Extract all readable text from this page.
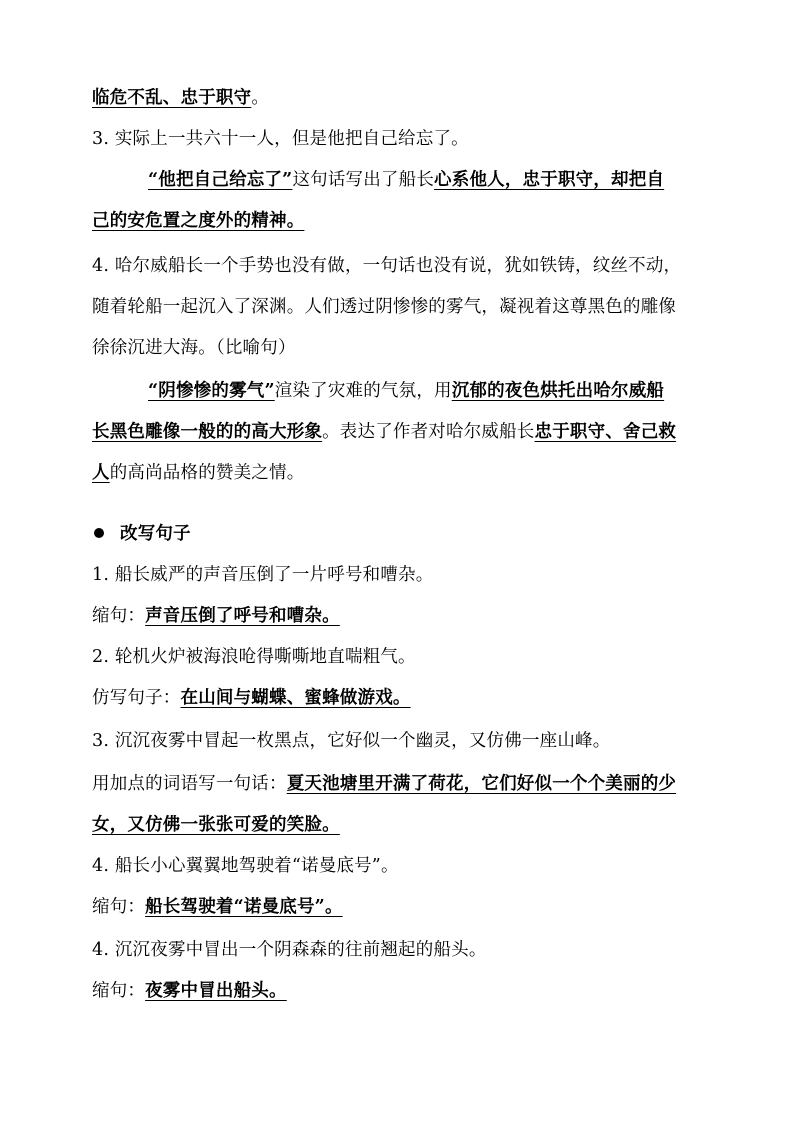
临危不乱、忠于职守。
3. 实际上一共六十一人，但是他把自己给忘了。
“他把自己给忘了”这句话写出了船长心系他人，忠于职守，却把自
己的安危置之度外的精神。
4. 哈尔威船长一个手势也没有做，一句话也没有说，犹如铁铸，纹丝不动，
随着轮船一起沉入了深渊。人们透过阴惨惨的雾气，凝视着这尊黑色的雕像
徐徐沉进大海。（比喻句）
“阴惨惨的雾气”渲染了灾难的气氛，用沉郁的夜色烘托出哈尔威船
长黑色雕像一般的的高大形象。表达了作者对哈尔威船长忠于职守、舍己救
人的高尚品格的赞美之情。
改写句子
1. 船长威严的声音压倒了一片呼号和嘈杂。
缩句：声音压倒了呼号和嘈杂。
2. 轮机火炉被海浪呛得嘶嘶地直喘粗气。
仿写句子：在山间与蝴蝶、蜜蜂做游戏。
3. 沉沉夜雾中冒起一枚黑点，它好似一个幽灵，又仿佛一座山峰。
用加点的词语写一句话：夏天池塘里开满了荷花，它们好似一个个美丽的少
女，又仿佛一张张可爱的笑脸。
4. 船长小心翼翼地驾驶着“诺曼底号”。
缩句：船长驾驶着“诺曼底号”。
4. 沉沉夜雾中冒出一个阴森森的往前翘起的船头。
缩句：夜雾中冒出船头。
